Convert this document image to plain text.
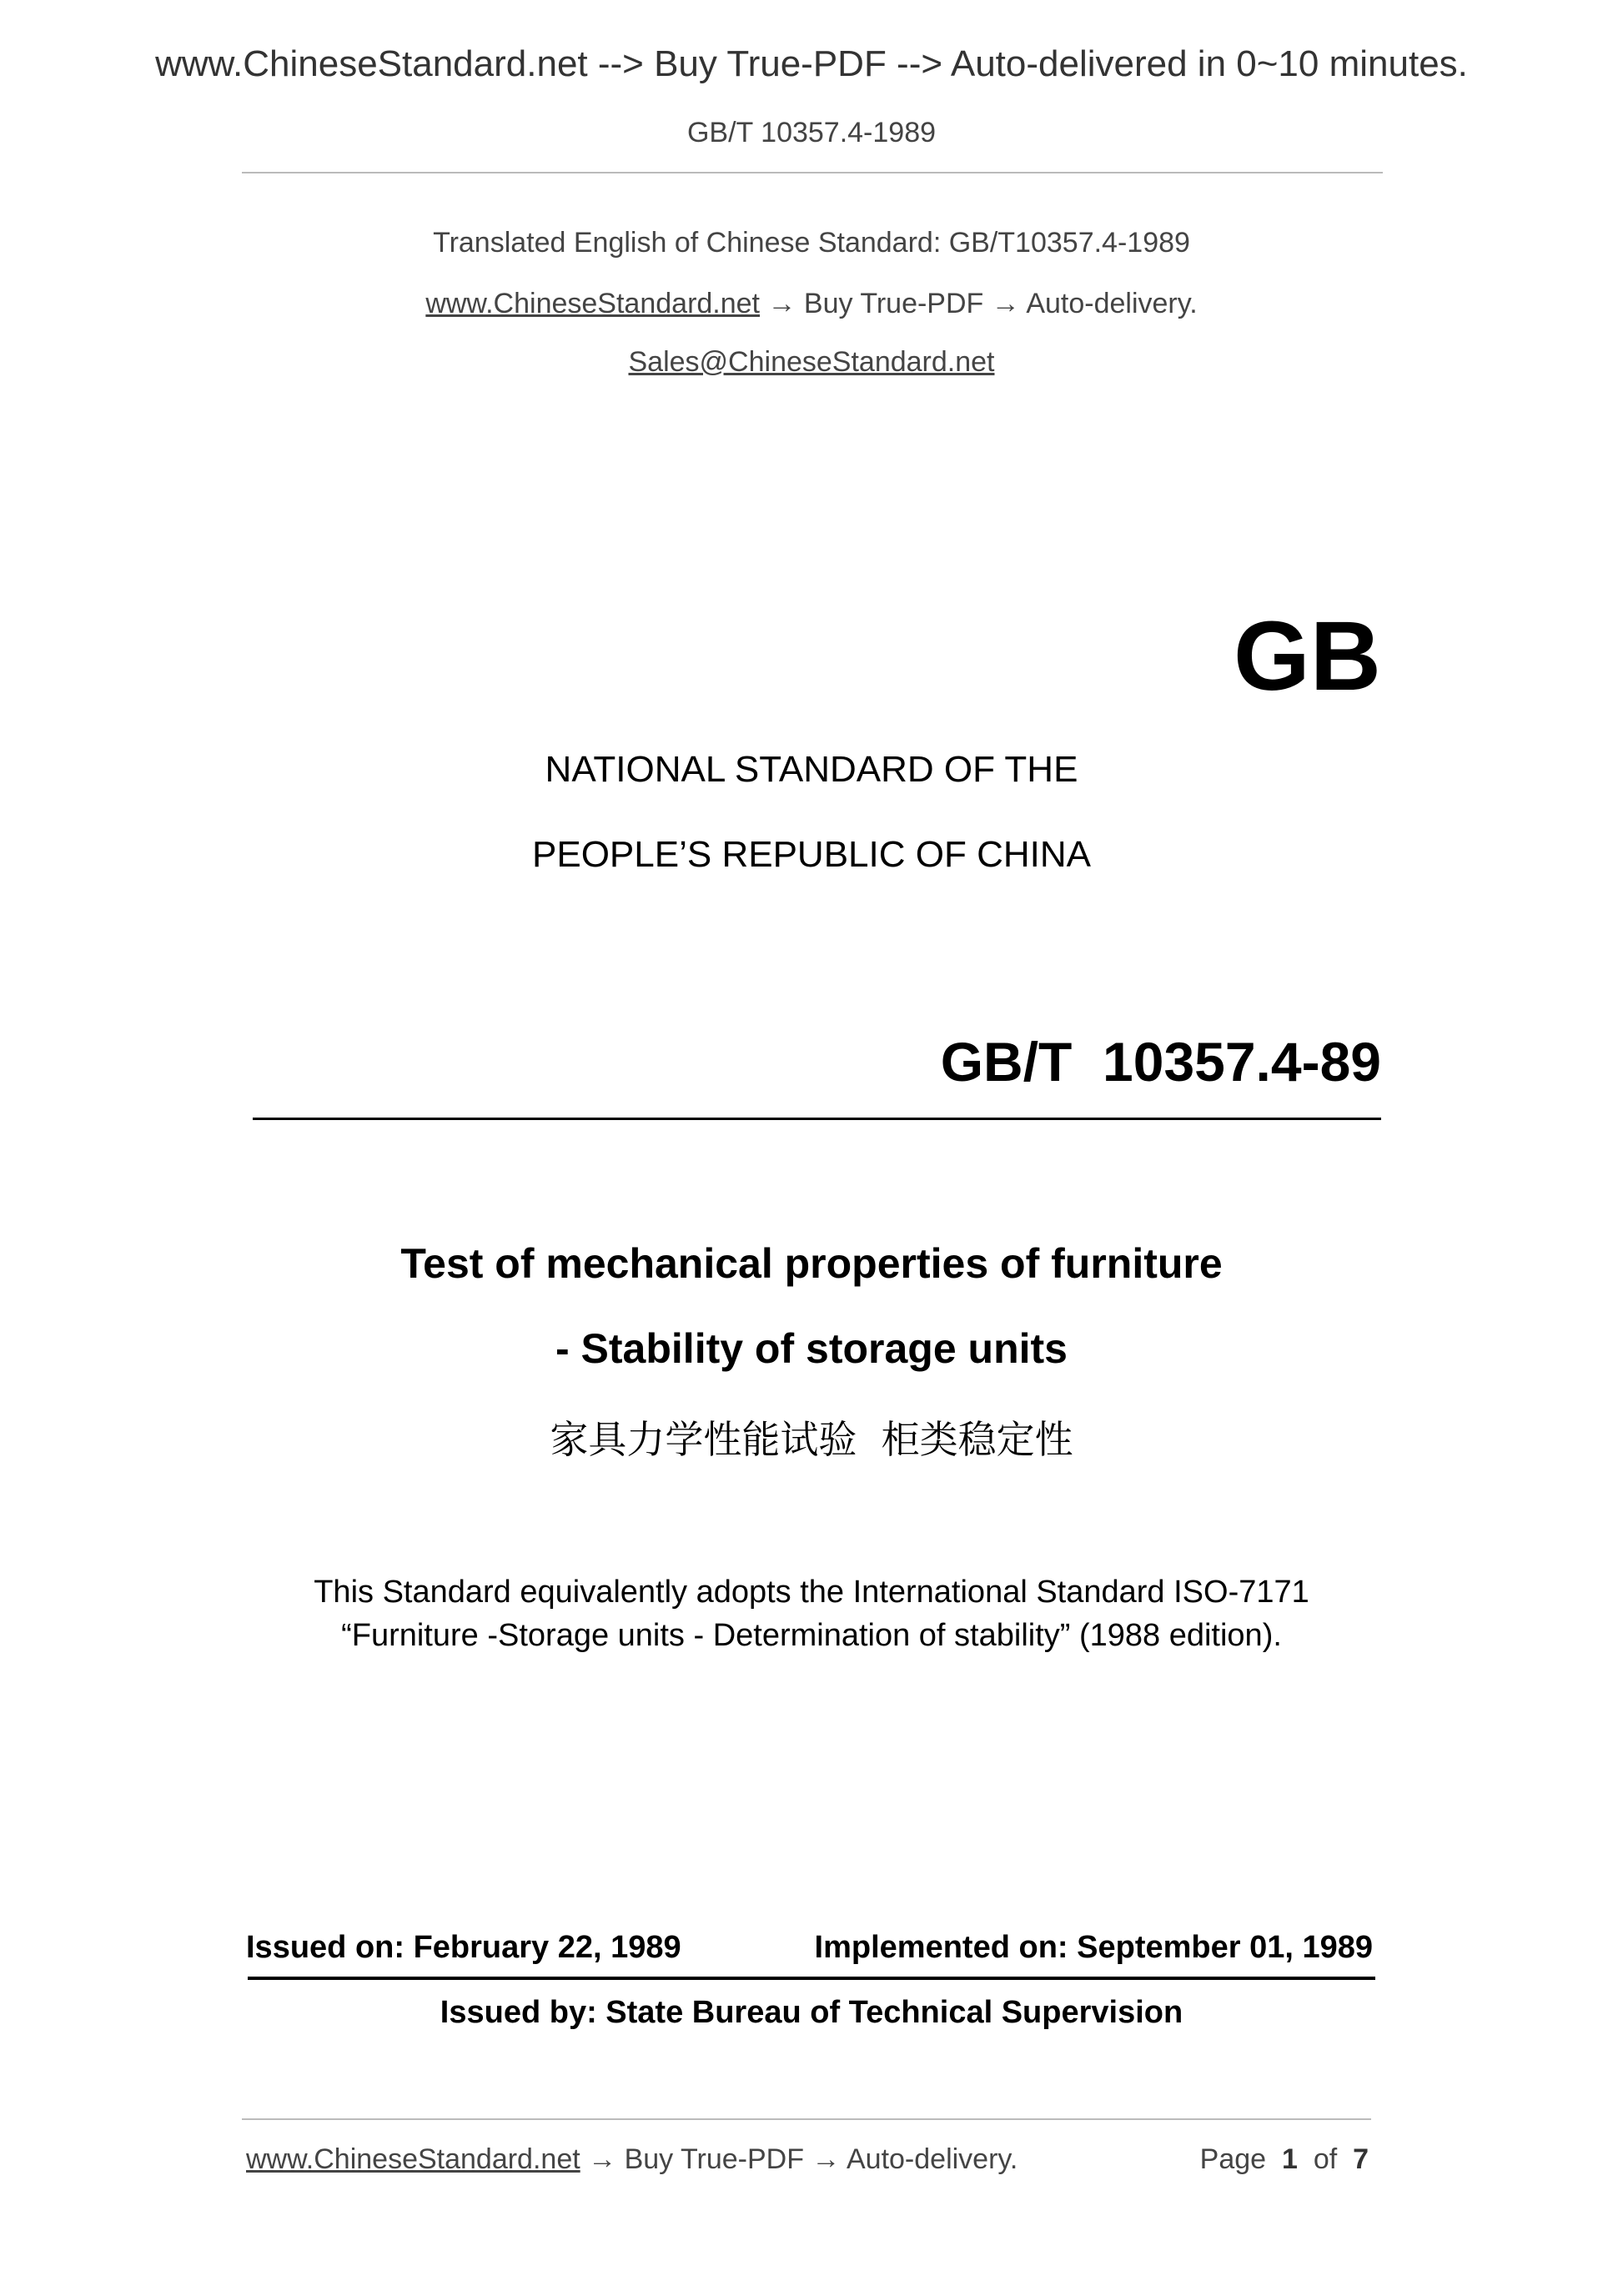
www.ChineseStandard.net --> Buy True-PDF --> Auto-delivered in 0~10 minutes.
GB/T 10357.4-1989
Translated English of Chinese Standard: GB/T10357.4-1989
www.ChineseStandard.net → Buy True-PDF → Auto-delivery.
Sales@ChineseStandard.net
GB
NATIONAL STANDARD OF THE
PEOPLE’S REPUBLIC OF CHINA
GB/T  10357.4-89
Test of mechanical properties of furniture
- Stability of storage units
家具力学性能试验  柜类稳定性
This Standard equivalently adopts the International Standard ISO-7171
“Furniture -Storage units - Determination of stability” (1988 edition).
Issued on: February 22, 1989	Implemented on: September 01, 1989
Issued by: State Bureau of Technical Supervision
www.ChineseStandard.net → Buy True-PDF → Auto-delivery.	Page 1 of 7
